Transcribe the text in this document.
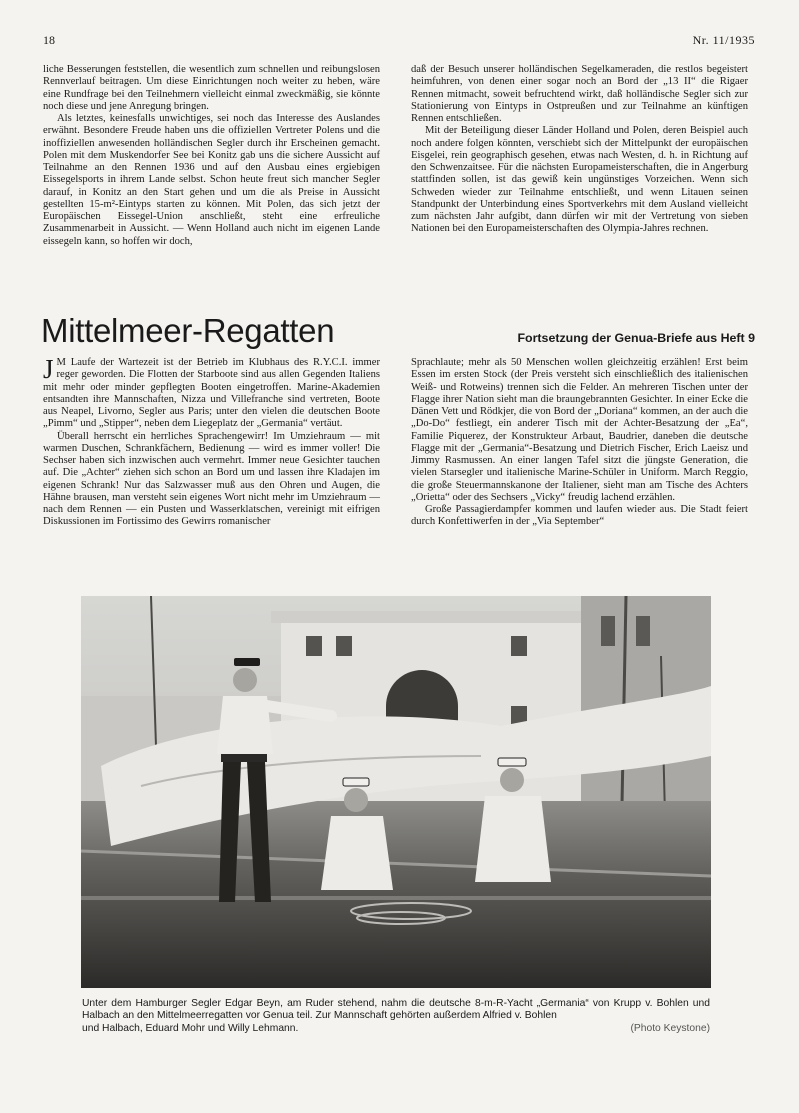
18	Nr. 11/1935

liche Besserungen feststellen, die wesentlich zum schnellen und reibungslosen Rennverlauf beitragen. Um diese Einrichtungen noch weiter zu heben, wäre eine Rundfrage bei den Teilnehmern vielleicht einmal zweckmäßig, sie könnte noch diese und jene Anregung bringen.

Als letztes, keinesfalls unwichtiges, sei noch das Interesse des Auslandes erwähnt. Besondere Freude haben uns die offiziellen Vertreter Polens und die inoffiziellen anwesenden holländischen Segler durch ihr Erscheinen gemacht. Polen mit dem Muskendorfer See bei Konitz gab uns die sichere Aussicht auf Teilnahme an den Rennen 1936 und auf den Ausbau eines ergiebigen Eissegelsports in ihrem Lande selbst. Schon heute freut sich mancher Segler darauf, in Konitz an den Start gehen und um die als Preise in Aussicht gestellten 15-m²-Eintyps starten zu können. Mit Polen, das sich jetzt der Europäischen Eissegel-Union anschließt, steht eine erfreuliche Zusammenarbeit in Aussicht. — Wenn Holland auch nicht im eigenen Lande eissegeln kann, so hoffen wir doch,

daß der Besuch unserer holländischen Segelkameraden, die restlos begeistert heimfuhren, von denen einer sogar noch an Bord der „13 II“ die Rigaer Rennen mitmacht, soweit befruchtend wirkt, daß holländische Segler sich zur Stationierung von Eintyps in Ostpreußen und zur Teilnahme an künftigen Rennen entschließen.

Mit der Beteiligung dieser Länder Holland und Polen, deren Beispiel auch noch andere folgen könnten, verschiebt sich der Mittelpunkt der europäischen Eisgelei, rein geographisch gesehen, etwas nach Westen, d. h. in Richtung auf den Schwenzaitsee. Für die nächsten Europameisterschaften, die in Angerburg stattfinden sollen, ist das gewiß kein ungünstiges Vorzeichen. Wenn sich Schweden wieder zur Teilnahme entschließt, und wenn Litauen seinen Standpunkt der Unterbindung eines Sportverkehrs mit dem Ausland vielleicht zum nächsten Jahr aufgibt, dann dürfen wir mit der Vertretung von sieben Nationen bei den Europameisterschaften des Olympia-Jahres rechnen.

Mittelmeer-Regatten	Fortsetzung der Genua-Briefe aus Heft 9

J M Laufe der Wartezeit ist der Betrieb im Klubhaus des R.Y.C.I. immer reger geworden. Die Flotten der Starboote sind aus allen Gegenden Italiens mit mehr oder minder gepflegten Booten eingetroffen. Marine-Akademien entsandten ihre Mannschaften, Nizza und Villefranche sind vertreten, Boote aus Neapel, Livorno, Segler aus Paris; unter den vielen die deutschen Boote „Pimm“ und „Stipper“, neben dem Liegeplatz der „Germania“ vertäut.

Überall herrscht ein herrliches Sprachengewirr! Im Umziehraum — mit warmen Duschen, Schrankfächern, Bedienung — wird es immer voller! Die Sechser haben sich inzwischen auch vermehrt. Immer neue Gesichter tauchen auf. Die „Achter“ ziehen sich schon an Bord um und lassen ihre Kladajen im eigenen Schrank! Nur das Salzwasser muß aus den Ohren und Augen, die Hähne brausen, man versteht sein eigenes Wort nicht mehr im Umziehraum — nach dem Rennen — ein Pusten und Wasserklatschen, vereinigt mit eifrigen Diskussionen im Fortissimo des Gewirrs romanischer

Sprachlaute; mehr als 50 Menschen wollen gleichzeitig erzählen! Erst beim Essen im ersten Stock (der Preis versteht sich einschließlich des italienischen Weiß- und Rotweins) trennen sich die Felder. An mehreren Tischen unter der Flagge ihrer Nation sieht man die braungebrannten Gesichter. In einer Ecke die Dänen Vett und Rödkjer, die von Bord der „Doriana“ kommen, an der auch die „Do-Do“ festliegt, ein anderer Tisch mit der Achter-Besatzung der „Ea“, Familie Piquerez, der Konstrukteur Arbaut, Baudrier, daneben die deutsche Flagge mit der „Germania“-Besatzung und Dietrich Fischer, Erich Laeisz und Jimmy Rasmussen. An einer langen Tafel sitzt die jüngste Generation, die vielen Starsegler und italienische Marine-Schüler in Uniform. March Reggio, die große Steuermannskanone der Italiener, sieht man am Tische des Achters „Orietta“ oder des Sechsers „Vicky“ freudig lachend erzählen.

Große Passagierdampfer kommen und laufen wieder aus. Die Stadt feiert durch Konfettiwerfen in der „Via September“

Unter dem Hamburger Segler Edgar Beyn, am Ruder stehend, nahm die deutsche 8-m-R-Yacht „Germania“ von Krupp v. Bohlen und Halbach an den Mittelmeerregatten vor Genua teil. Zur Mannschaft gehörten außerdem Alfried v. Bohlen

und Halbach, Eduard Mohr und Willy Lehmann.	(Photo Keystone)
